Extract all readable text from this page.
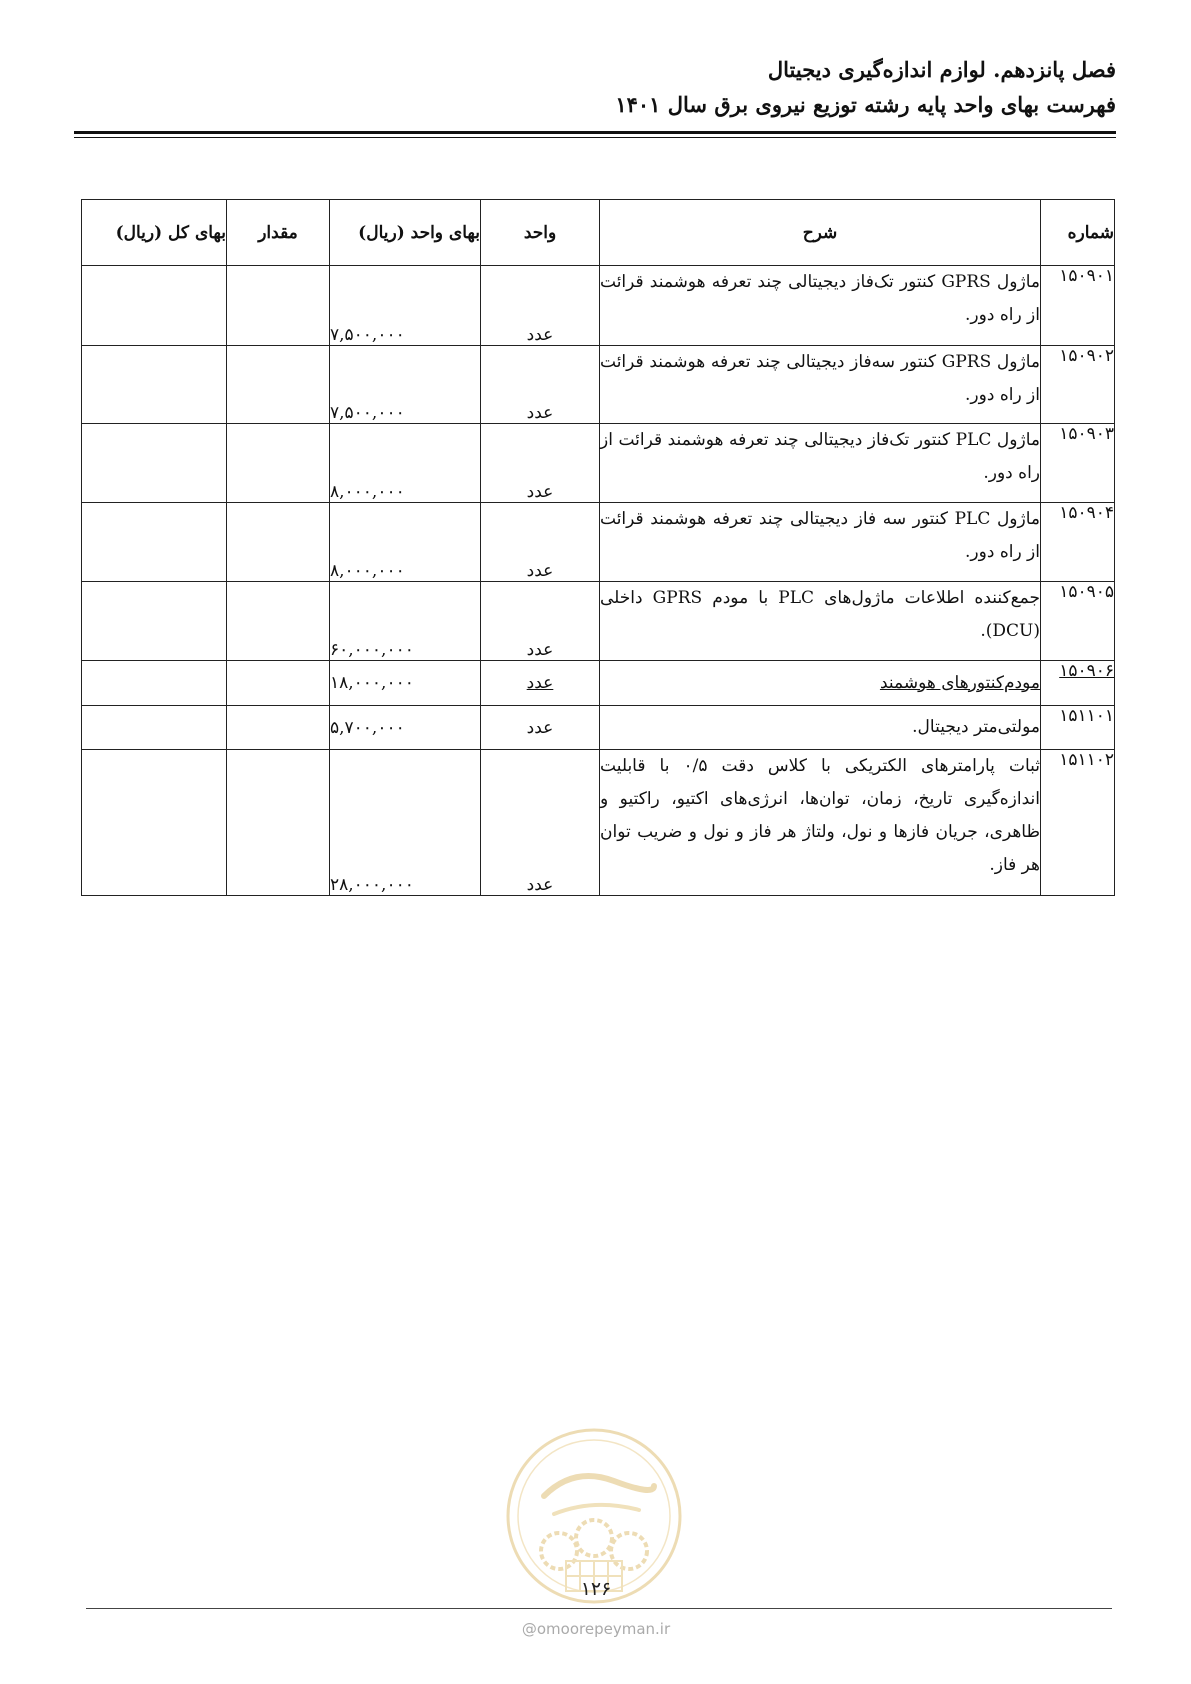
فصل پانزدهم. لوازم اندازه‌گیری دیجیتال
فهرست بهای واحد پایه رشته توزیع نیروی برق سال ۱۴۰۱
شماره	شرح	واحد	بهای واحد (ریال)	مقدار	بهای کل (ریال)
۱۵۰۹۰۱	ماژول GPRS کنتور تک‌فاز دیجیتالی چند تعرفه هوشمند قرائت از راه دور.	عدد	۷,۵۰۰,۰۰۰		
۱۵۰۹۰۲	ماژول GPRS کنتور سه‌فاز دیجیتالی چند تعرفه هوشمند قرائت از راه دور.	عدد	۷,۵۰۰,۰۰۰		
۱۵۰۹۰۳	ماژول PLC کنتور تک‌فاز دیجیتالی چند تعرفه هوشمند قرائت از راه دور.	عدد	۸,۰۰۰,۰۰۰		
۱۵۰۹۰۴	ماژول PLC کنتور سه فاز دیجیتالی چند تعرفه هوشمند قرائت از راه دور.	عدد	۸,۰۰۰,۰۰۰		
۱۵۰۹۰۵	جمع‌کننده اطلاعات ماژول‌های PLC با مودم GPRS داخلی (DCU).	عدد	۶۰,۰۰۰,۰۰۰		
۱۵۰۹۰۶	مودم‌کنتورهای هوشمند	عدد	۱۸,۰۰۰,۰۰۰		
۱۵۱۱۰۱	مولتی‌متر دیجیتال.	عدد	۵,۷۰۰,۰۰۰		
۱۵۱۱۰۲	ثبات پارامترهای الکتریکی با کلاس دقت ۰/۵ با قابلیت اندازه‌گیری تاریخ، زمان، توان‌ها، انرژی‌های اکتیو، راکتیو و ظاهری، جریان فازها و نول، ولتاژ هر فاز و نول و ضریب توان هر فاز.	عدد	۲۸,۰۰۰,۰۰۰		
۱۲۶
@omoorepeyman.ir
